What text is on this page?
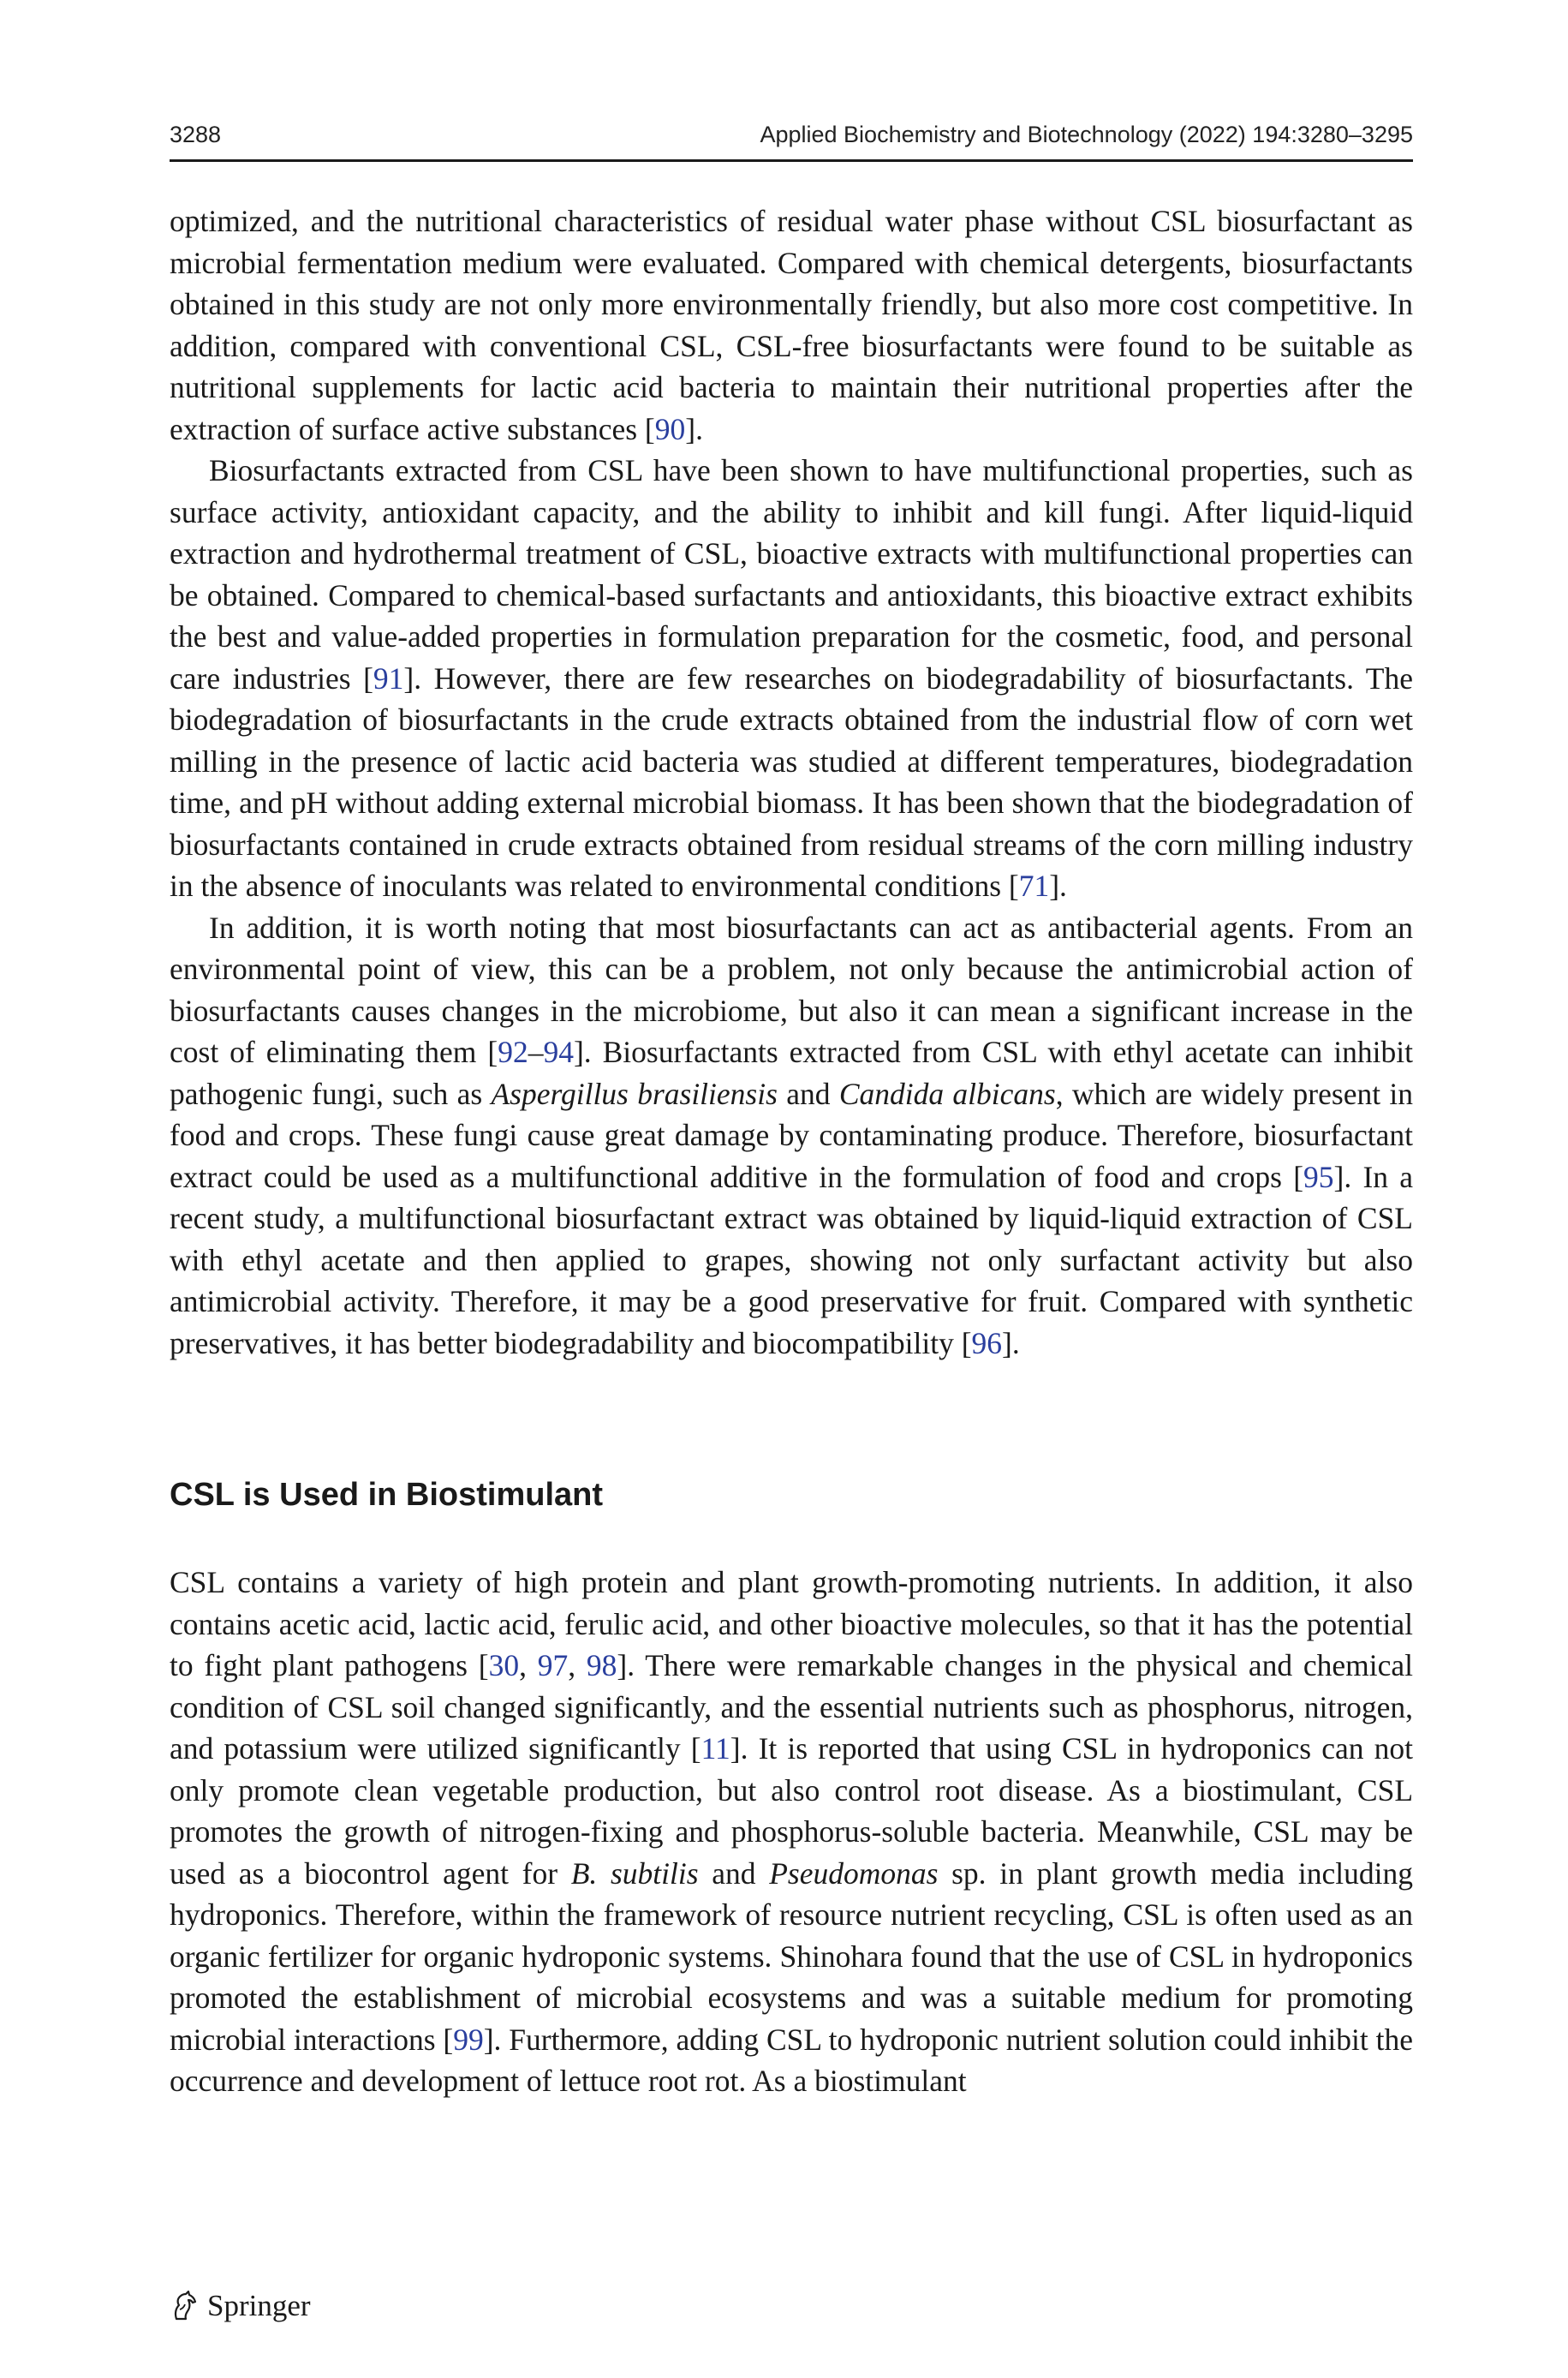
3288	Applied Biochemistry and Biotechnology (2022) 194:3280–3295

optimized, and the nutritional characteristics of residual water phase without CSL biosurfactant as microbial fermentation medium were evaluated. Compared with chemical detergents, biosurfactants obtained in this study are not only more environmentally friendly, but also more cost competitive. In addition, compared with conventional CSL, CSL-free biosurfactants were found to be suitable as nutritional supplements for lactic acid bacteria to maintain their nutritional properties after the extraction of surface active substances [90].

Biosurfactants extracted from CSL have been shown to have multifunctional properties, such as surface activity, antioxidant capacity, and the ability to inhibit and kill fungi. After liquid-liquid extraction and hydrothermal treatment of CSL, bioactive extracts with multifunctional properties can be obtained. Compared to chemical-based surfactants and antioxidants, this bioactive extract exhibits the best and value-added properties in formulation preparation for the cosmetic, food, and personal care industries [91]. However, there are few researches on biodegradability of biosurfactants. The biodegradation of biosurfactants in the crude extracts obtained from the industrial flow of corn wet milling in the presence of lactic acid bacteria was studied at different temperatures, biodegradation time, and pH without adding external microbial biomass. It has been shown that the biodegradation of biosurfactants contained in crude extracts obtained from residual streams of the corn milling industry in the absence of inoculants was related to environmental conditions [71].

In addition, it is worth noting that most biosurfactants can act as antibacterial agents. From an environmental point of view, this can be a problem, not only because the antimicrobial action of biosurfactants causes changes in the microbiome, but also it can mean a significant increase in the cost of eliminating them [92–94]. Biosurfactants extracted from CSL with ethyl acetate can inhibit pathogenic fungi, such as Aspergillus brasiliensis and Candida albicans, which are widely present in food and crops. These fungi cause great damage by contaminating produce. Therefore, biosurfactant extract could be used as a multifunctional additive in the formulation of food and crops [95]. In a recent study, a multifunctional biosurfactant extract was obtained by liquid-liquid extraction of CSL with ethyl acetate and then applied to grapes, showing not only surfactant activity but also antimicrobial activity. Therefore, it may be a good preservative for fruit. Compared with synthetic preservatives, it has better biodegradability and biocompatibility [96].

CSL is Used in Biostimulant

CSL contains a variety of high protein and plant growth-promoting nutrients. In addition, it also contains acetic acid, lactic acid, ferulic acid, and other bioactive molecules, so that it has the potential to fight plant pathogens [30, 97, 98]. There were remarkable changes in the physical and chemical condition of CSL soil changed significantly, and the essential nutrients such as phosphorus, nitrogen, and potassium were utilized significantly [11]. It is reported that using CSL in hydroponics can not only promote clean vegetable production, but also control root disease. As a biostimulant, CSL promotes the growth of nitrogen-fixing and phosphorus-soluble bacteria. Meanwhile, CSL may be used as a biocontrol agent for B. subtilis and Pseudomonas sp. in plant growth media including hydroponics. Therefore, within the framework of resource nutrient recycling, CSL is often used as an organic fertilizer for organic hydroponic systems. Shinohara found that the use of CSL in hydroponics promoted the establishment of microbial ecosystems and was a suitable medium for promoting microbial interactions [99]. Furthermore, adding CSL to hydroponic nutrient solution could inhibit the occurrence and development of lettuce root rot. As a biostimulant

Springer
